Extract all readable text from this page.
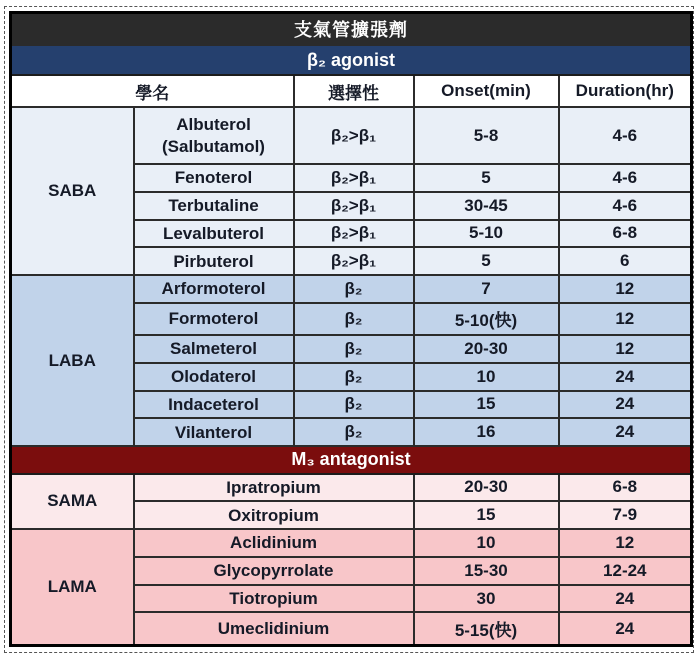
支氣管擴張劑				
β₂ agonist				
學名		選擇性	Onset(min)	Duration(hr)
SABA	Albuterol (Salbutamol)	β₂>β₁	5-8	4-6
	Fenoterol	β₂>β₁	5	4-6
	Terbutaline	β₂>β₁	30-45	4-6
	Levalbuterol	β₂>β₁	5-10	6-8
	Pirbuterol	β₂>β₁	5	6
LABA	Arformoterol	β₂	7	12
	Formoterol	β₂	5-10(快)	12
	Salmeterol	β₂	20-30	12
	Olodaterol	β₂	10	24
	Indaceterol	β₂	15	24
	Vilanterol	β₂	16	24
M₃ antagonist				
SAMA	Ipratropium		20-30	6-8
	Oxitropium		15	7-9
LAMA	Aclidinium		10	12
	Glycopyrrolate		15-30	12-24
	Tiotropium		30	24
	Umeclidinium		5-15(快)	24
